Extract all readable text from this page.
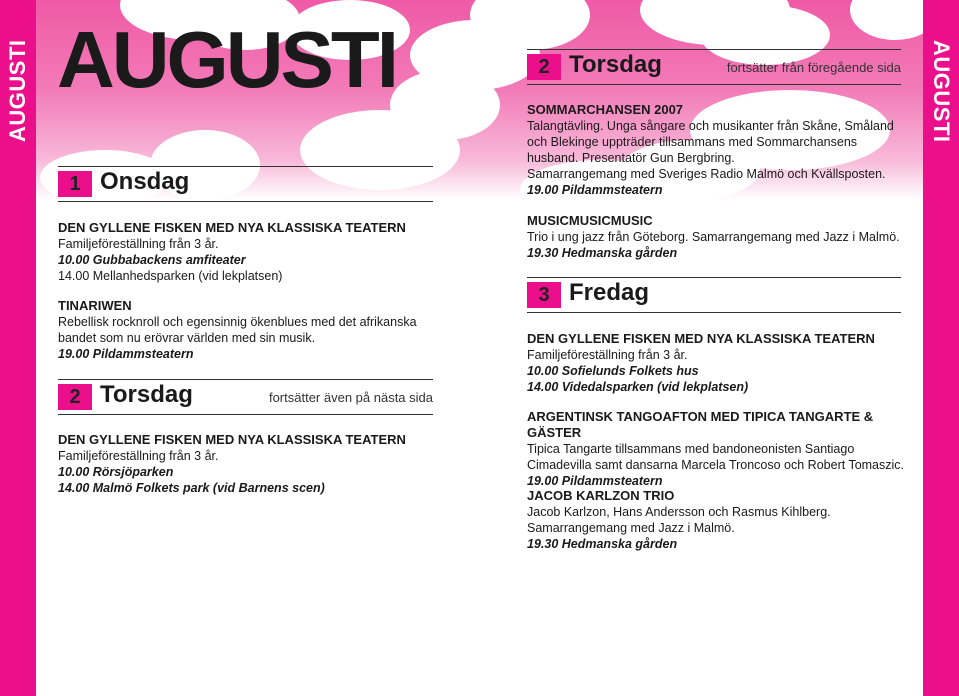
AUGUSTI	AUGUSTI
AUGUSTI
1 Onsdag
DEN GYLLENE FISKEN MED NYA KLASSISKA TEATERN
Familjeföreställning från 3 år.
10.00 Gubbabackens amfiteater
14.00 Mellanhedsparken (vid lekplatsen)
TINARIWEN
Rebellisk rocknroll och egensinnig ökenblues med det afrikanska
bandet som nu erövrar världen med sin musik.
19.00 Pildammsteatern
2 Torsdag	fortsätter även på nästa sida
DEN GYLLENE FISKEN MED NYA KLASSISKA TEATERN
Familjeföreställning från 3 år.
10.00 Rörsjöparken
14.00 Malmö Folkets park (vid Barnens scen)
2 Torsdag	fortsätter från föregående sida
SOMMARCHANSEN 2007
Talangtävling. Unga sångare och musikanter från Skåne, Småland
och Blekinge uppträder tillsammans med Sommarchansens
husband. Presentatör Gun Bergbring.
Samarrangemang med Sveriges Radio Malmö och Kvällsposten.
19.00 Pildammsteatern
MUSICMUSICMUSIC
Trio i ung jazz från Göteborg. Samarrangemang med Jazz i Malmö.
19.30 Hedmanska gården
3 Fredag
DEN GYLLENE FISKEN MED NYA KLASSISKA TEATERN
Familjeföreställning från 3 år.
10.00 Sofielunds Folkets hus
14.00 Videdalsparken (vid lekplatsen)
ARGENTINSK TANGOAFTON MED TIPICA TANGARTE & GÄSTER
Tipica Tangarte tillsammans med bandoneonisten Santiago
Cimadevilla samt dansarna Marcela Troncoso och Robert Tomaszic.
19.00 Pildammsteatern
JACOB KARLZON TRIO
Jacob Karlzon, Hans Andersson och Rasmus Kihlberg.
Samarrangemang med Jazz i Malmö.
19.30 Hedmanska gården
